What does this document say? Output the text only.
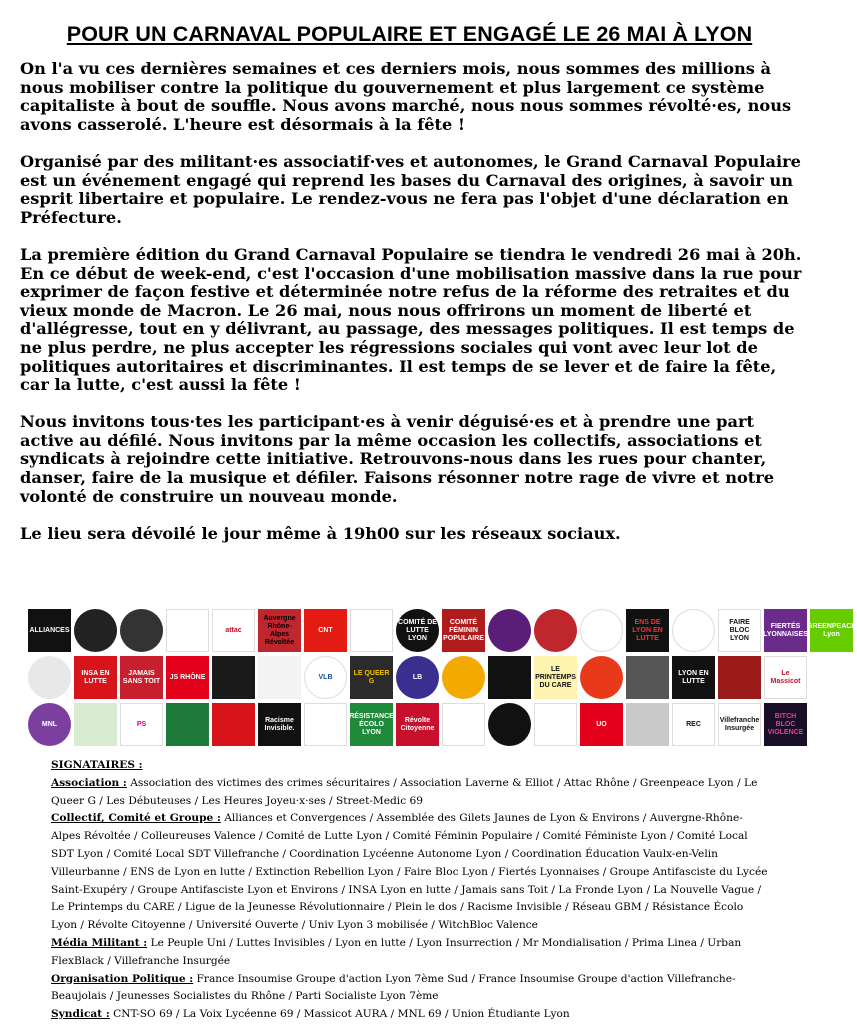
POUR UN CARNAVAL POPULAIRE ET ENGAGÉ LE 26 MAI À LYON

On l'a vu ces dernières semaines et ces derniers mois, nous sommes des millions à nous mobiliser contre la politique du gouvernement et plus largement ce système capitaliste à bout de souffle. Nous avons marché, nous nous sommes révolté·es, nous avons casserolé. L'heure est désormais à la fête !

Organisé par des militant·es associatif·ves et autonomes, le Grand Carnaval Populaire est un événement engagé qui reprend les bases du Carnaval des origines, à savoir un esprit libertaire et populaire. Le rendez-vous ne fera pas l'objet d'une déclaration en Préfecture.

La première édition du Grand Carnaval Populaire se tiendra le vendredi 26 mai à 20h. En ce début de week-end, c'est l'occasion d'une mobilisation massive dans la rue pour exprimer de façon festive et déterminée notre refus de la réforme des retraites et du vieux monde de Macron. Le 26 mai, nous nous offrirons un moment de liberté et d'allégresse, tout en y délivrant, au passage, des messages politiques. Il est temps de ne plus perdre, ne plus accepter les régressions sociales qui vont avec leur lot de politiques autoritaires et discriminantes. Il est temps de se lever et de faire la fête, car la lutte, c'est aussi la fête !

Nous invitons tous·tes les participant·es à venir déguisé·es et à prendre une part active au défilé. Nous invitons par la même occasion les collectifs, associations et syndicats à rejoindre cette initiative. Retrouvons-nous dans les rues pour chanter, danser, faire de la musique et défiler. Faisons résonner notre rage de vivre et notre volonté de construire un nouveau monde.

Le lieu sera dévoilé le jour même à 19h00 sur les réseaux sociaux.

ALLIANCES	attac
Auvergne Rhône-Alpes Révoltée
CNT
COMITÉ DE LUTTE LYON
COMITÉ FÉMININ POPULAIRE
ENS DE LYON EN LUTTE
FAIRE BLOC LYON
FIERTÉS LYONNAISES
GREENPEACE Lyon
INSA EN LUTTE
JAMAIS SANS TOIT
JS RHÔNE	VLB
LE QUEER G
LB
LE PRINTEMPS DU CARE
LYON EN LUTTE
Le Massicot
MNL	PS
Racisme Invisible.
RÉSISTANCE ÉCOLO LYON
Révolte Citoyenne
UO	REC
Villefranche Insurgée
BITCH BLOC VIOLENCE
SIGNATAIRES :
Association : Association des victimes des crimes sécuritaires / Association Laverne & Elliot / Attac Rhône / Greenpeace Lyon / Le Queer G / Les Débuteuses / Les Heures Joyeu·x·ses / Street-Medic 69
Collectif, Comité et Groupe : Alliances et Convergences / Assemblée des Gilets Jaunes de Lyon & Environs / Auvergne-Rhône-Alpes Révoltée / Colleureuses Valence / Comité de Lutte Lyon / Comité Féminin Populaire / Comité Féministe Lyon / Comité Local SDT Lyon / Comité Local SDT Villefranche / Coordination Lycéenne Autonome Lyon / Coordination Éducation Vaulx-en-Velin Villeurbanne / ENS de Lyon en lutte / Extinction Rebellion Lyon / Faire Bloc Lyon / Fiertés Lyonnaises / Groupe Antifasciste du Lycée Saint-Exupéry / Groupe Antifasciste Lyon et Environs / INSA Lyon en lutte / Jamais sans Toit / La Fronde Lyon / La Nouvelle Vague / Le Printemps du CARE / Ligue de la Jeunesse Révolutionnaire / Plein le dos / Racisme Invisible / Réseau GBM / Résistance Écolo Lyon / Révolte Citoyenne / Université Ouverte / Univ Lyon 3 mobilisée / WitchBloc Valence
Média Militant : Le Peuple Uni / Luttes Invisibles / Lyon en lutte / Lyon Insurrection / Mr Mondialisation / Prima Linea / Urban FlexBlack / Villefranche Insurgée
Organisation Politique : France Insoumise Groupe d'action Lyon 7ème Sud / France Insoumise Groupe d'action Villefranche-Beaujolais / Jeunesses Socialistes du Rhône / Parti Socialiste Lyon 7ème
Syndicat : CNT-SO 69 / La Voix Lycéenne 69 / Massicot AURA / MNL 69 / Union Étudiante Lyon
